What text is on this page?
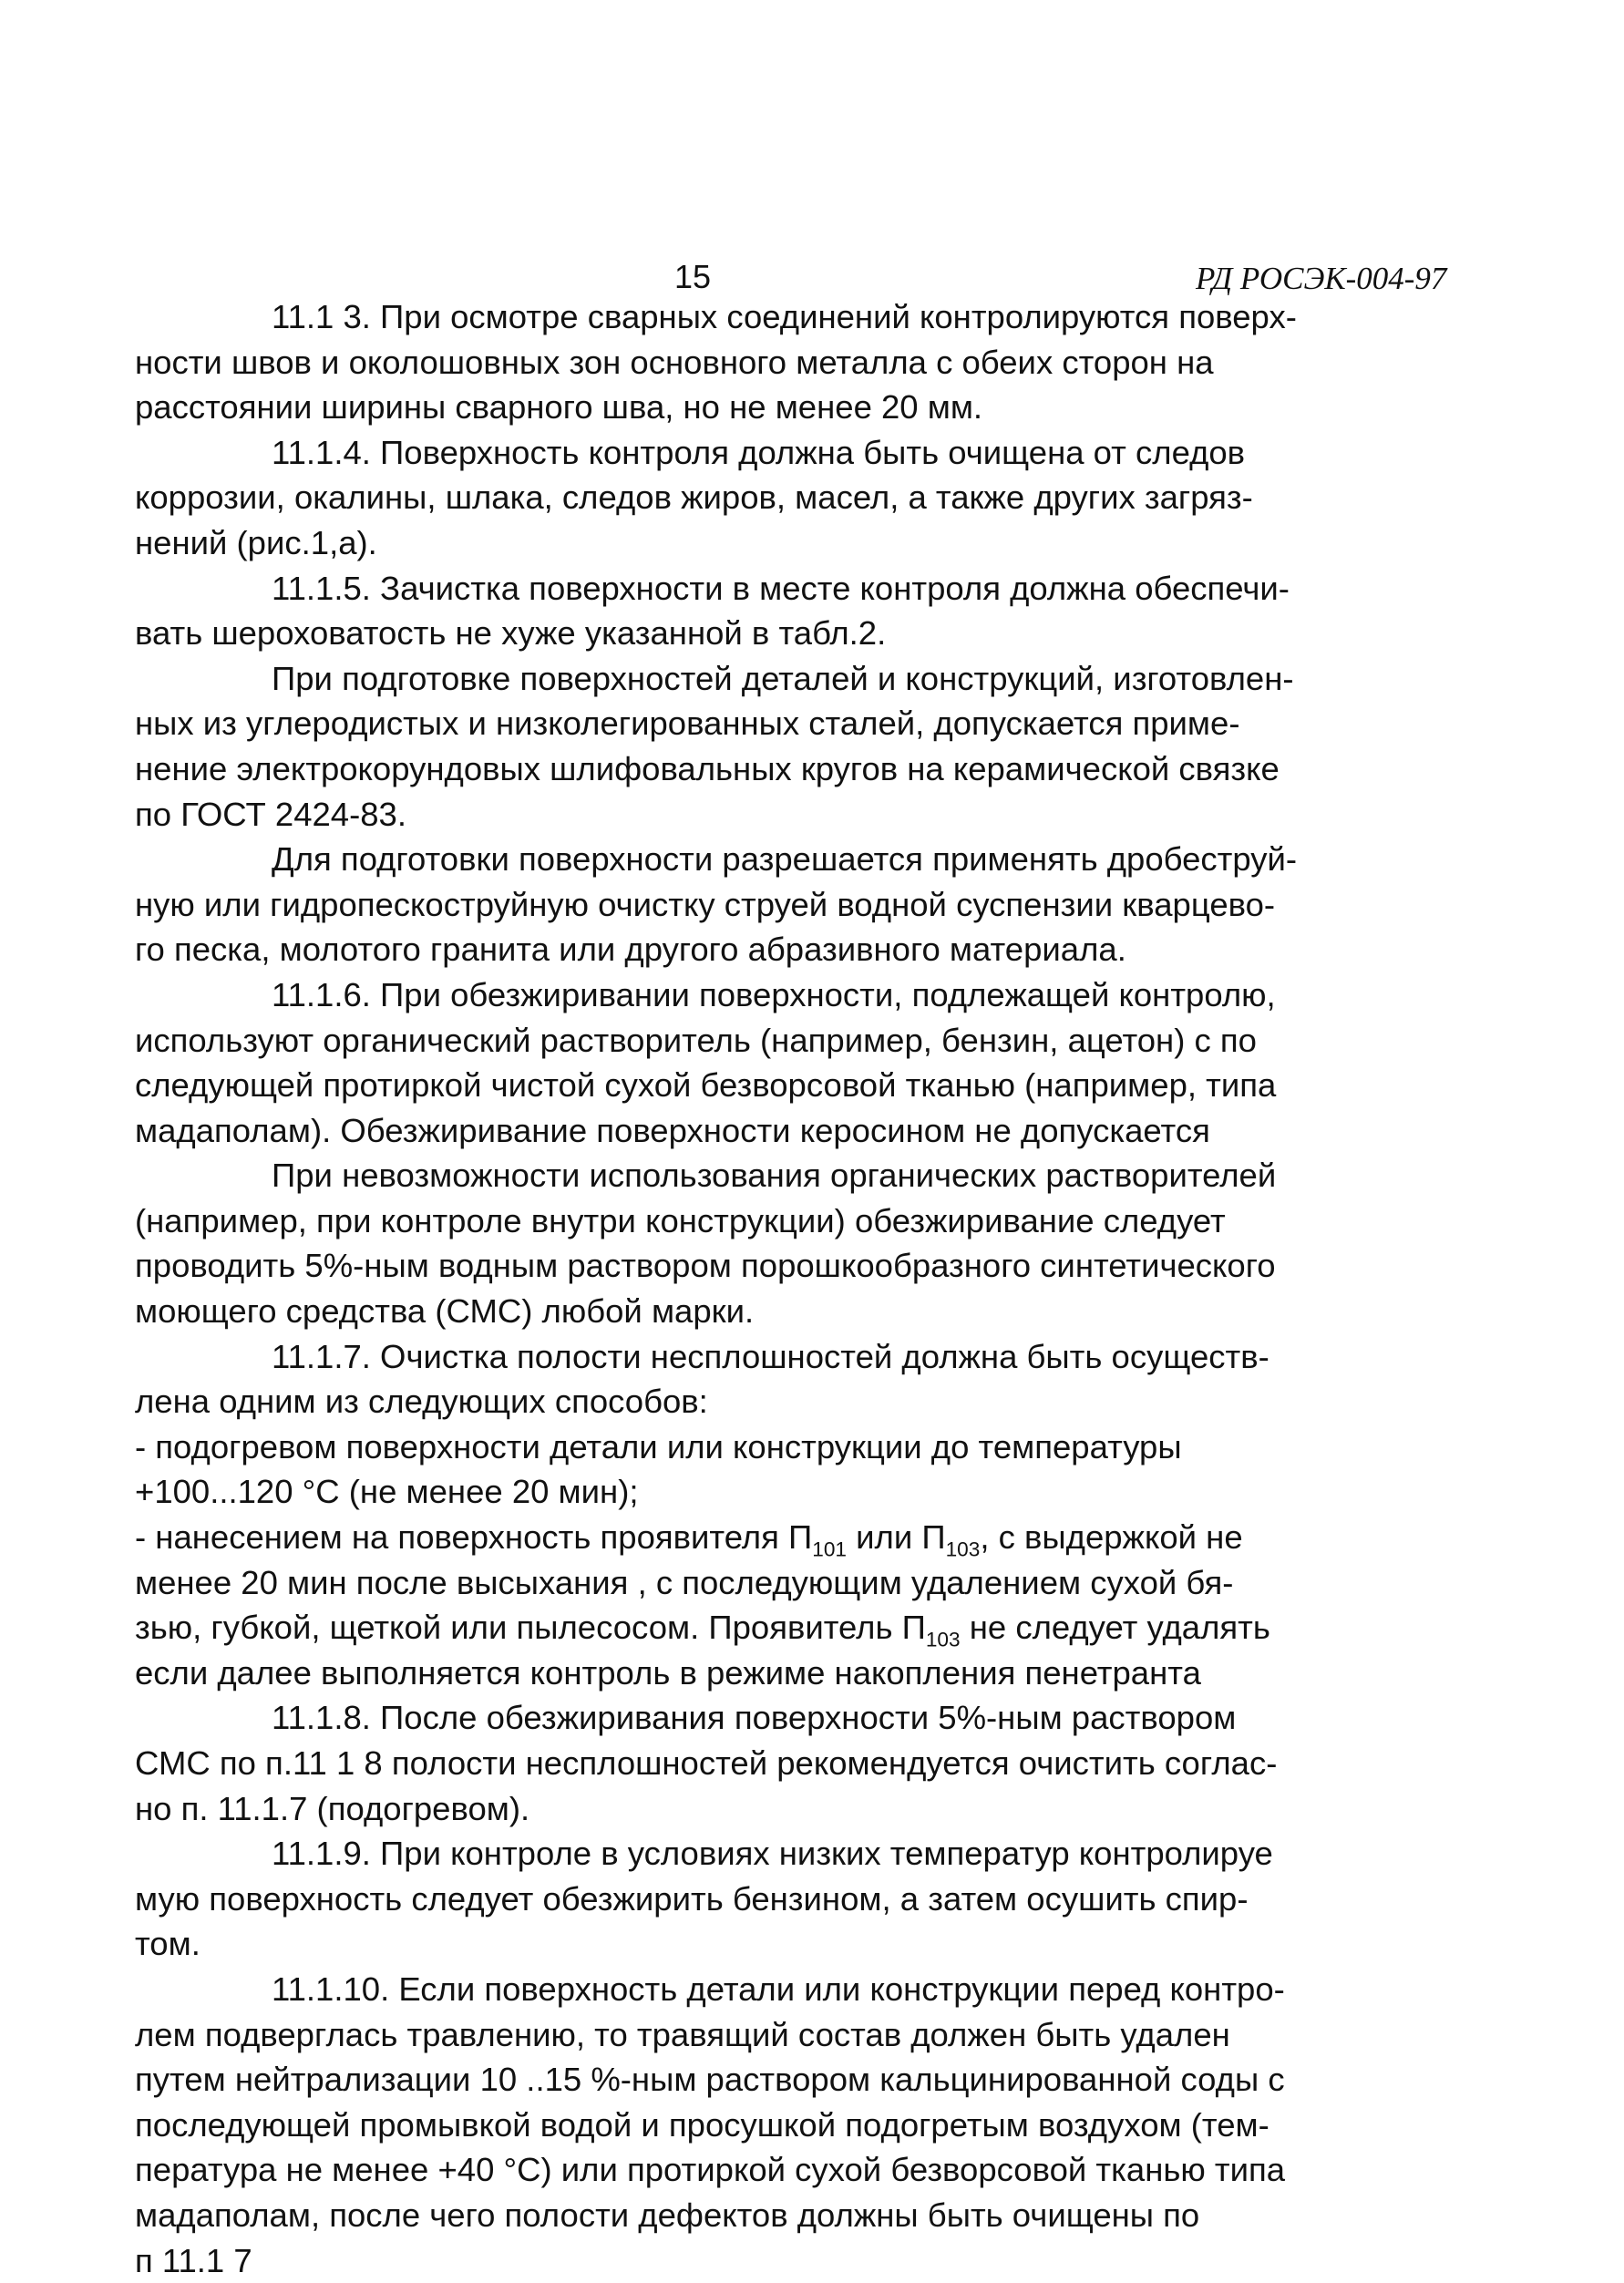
15	РД РОСЭК-004-97

11.1 3. При осмотре сварных соединений контролируются поверх-
ности швов и околошовных зон основного металла с обеих сторон на
расстоянии ширины сварного шва, но не менее 20 мм.
11.1.4. Поверхность контроля должна быть очищена от следов
коррозии, окалины, шлака, следов жиров, масел, а также других загряз-
нений (рис.1,а).
11.1.5. Зачистка поверхности в месте контроля должна обеспечи-
вать шероховатость не хуже указанной в табл.2.
При подготовке поверхностей деталей и конструкций, изготовлен-
ных из углеродистых и низколегированных сталей, допускается приме-
нение электрокорундовых шлифовальных кругов на керамической связке
по ГОСТ 2424-83.
Для подготовки поверхности разрешается применять дробеструй-
ную или гидропескоструйную очистку струей водной суспензии кварцево-
го песка, молотого гранита или другого абразивного материала.
11.1.6. При обезжиривании поверхности, подлежащей контролю,
используют органический растворитель (например, бензин, ацетон) с по
следующей протиркой чистой сухой безворсовой тканью (например, типа
мадаполам). Обезжиривание поверхности керосином не допускается
При невозможности использования органических растворителей
(например, при контроле внутри конструкции) обезжиривание следует
проводить 5%-ным водным раствором порошкообразного синтетического
моющего средства (СМС) любой марки.
11.1.7. Очистка полости несплошностей должна быть осуществ-
лена одним из следующих способов:
- подогревом поверхности детали или конструкции до температуры
+100...120 °С (не менее 20 мин);
- нанесением на поверхность проявителя $П_{101}$ или $П_{103}$, с выдержкой не
менее 20 мин после высыхания , с последующим удалением сухой бя-
зью, губкой, щеткой или пылесосом. Проявитель $П_{103}$ не следует удалять
если далее выполняется контроль в режиме накопления пенетранта
11.1.8. После обезжиривания поверхности 5%-ным раствором
СМС по п.11 1 8 полости несплошностей рекомендуется очистить соглас-
но п. 11.1.7 (подогревом).
11.1.9. При контроле в условиях низких температур контролируе
мую поверхность следует обезжирить бензином, а затем осушить спир-
том.
11.1.10. Если поверхность детали или конструкции перед контро-
лем подверглась травлению, то травящий состав должен быть удален
путем нейтрализации 10 ..15 %-ным раствором кальцинированной соды с
последующей промывкой водой и просушкой подогретым воздухом (тем-
пература не менее +40 °С) или протиркой сухой безворсовой тканью типа
мадаполам, после чего полости дефектов должны быть очищены по
п 11.1 7
